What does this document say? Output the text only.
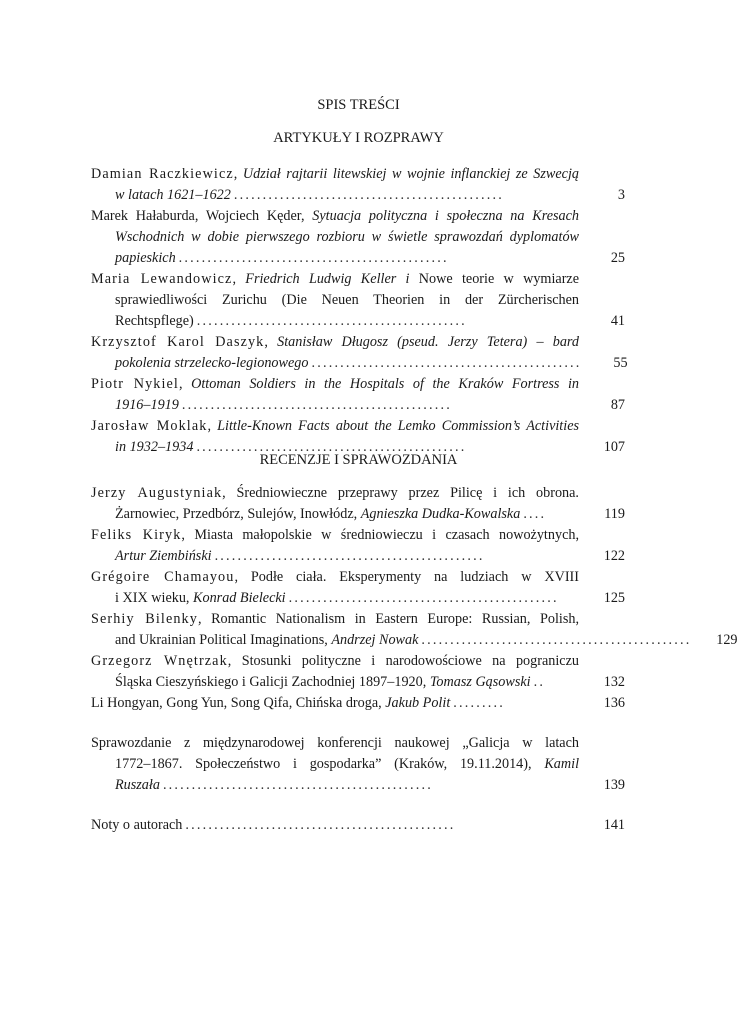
SPIS TREŚCI
ARTYKUŁY I ROZPRAWY
Damian Raczkiewicz, Udział rajtarii litewskiej w wojnie inflanckiej ze Szwecją
w latach 1621–1622 ...............................................	3
Marek Hałaburda, Wojciech Kęder, Sytuacja polityczna i społeczna na Kresach
Wschodnich w dobie pierwszego rozbioru w świetle sprawozdań dyplomatów
papieskich ...............................................	25
Maria Lewandowicz, Friedrich Ludwig Keller i Nowe teorie w wymiarze
sprawiedliwości Zurichu (Die Neuen Theorien in der Zürcherischen
Rechtspflege) ...............................................	41
Krzysztof Karol Daszyk, Stanisław Długosz (pseud. Jerzy Tetera) – bard
pokolenia strzelecko-legionowego ...............................................	55
Piotr Nykiel, Ottoman Soldiers in the Hospitals of the Kraków Fortress in
1916–1919 ...............................................	87
Jarosław Moklak, Little-Known Facts about the Lemko Commission’s Activities
in 1932–1934 ...............................................	107
RECENZJE I SPRAWOZDANIA
Jerzy Augustyniak, Średniowieczne przeprawy przez Pilicę i ich obrona.
Żarnowiec, Przedbórz, Sulejów, Inowłódz, Agnieszka Dudka-Kowalska ....	119
Feliks Kiryk, Miasta małopolskie w średniowieczu i czasach nowożytnych,
Artur Ziembiński ...............................................	122
Grégoire Chamayou, Podłe ciała. Eksperymenty na ludziach w XVIII
i XIX wieku, Konrad Bielecki ...............................................	125
Serhiy Bilenky, Romantic Nationalism in Eastern Europe: Russian, Polish,
and Ukrainian Political Imaginations, Andrzej Nowak ...............................................	129
Grzegorz Wnętrzak, Stosunki polityczne i narodowościowe na pograniczu
Śląska Cieszyńskiego i Galicji Zachodniej 1897–1920, Tomasz Gąsowski ..	132
Li Hongyan, Gong Yun, Song Qifa, Chińska droga, Jakub Polit .........	136
Sprawozdanie z międzynarodowej konferencji naukowej „Galicja w latach
1772–1867. Społeczeństwo i gospodarka” (Kraków, 19.11.2014), Kamil
Ruszała ...............................................	139
Noty o autorach ...............................................	141
